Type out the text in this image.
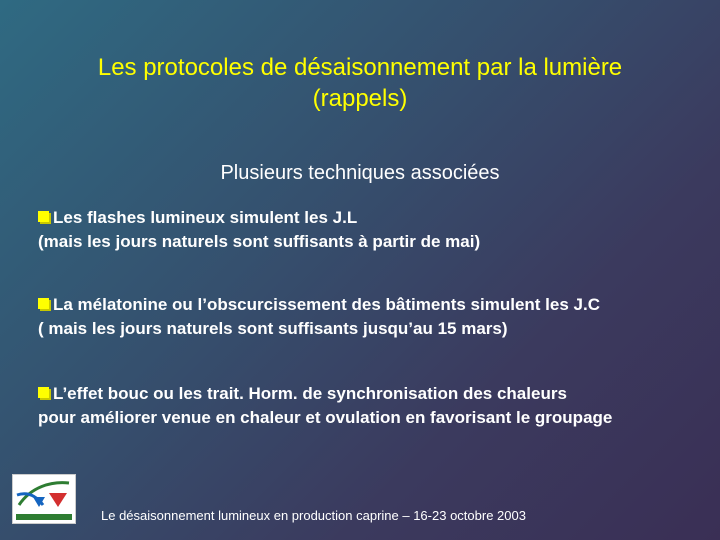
Les protocoles de désaisonnement par la lumière
(rappels)
Plusieurs techniques associées
Les flashes lumineux simulent les J.L
(mais les jours naturels sont suffisants à partir de mai)
La mélatonine ou l’obscurcissement des bâtiments simulent les J.C
( mais les jours naturels sont suffisants jusqu’au 15 mars)
L’effet bouc ou les trait. Horm. de synchronisation des chaleurs
pour améliorer venue en chaleur et ovulation en favorisant le groupage
Le désaisonnement lumineux en production caprine – 16-23 octobre 2003
